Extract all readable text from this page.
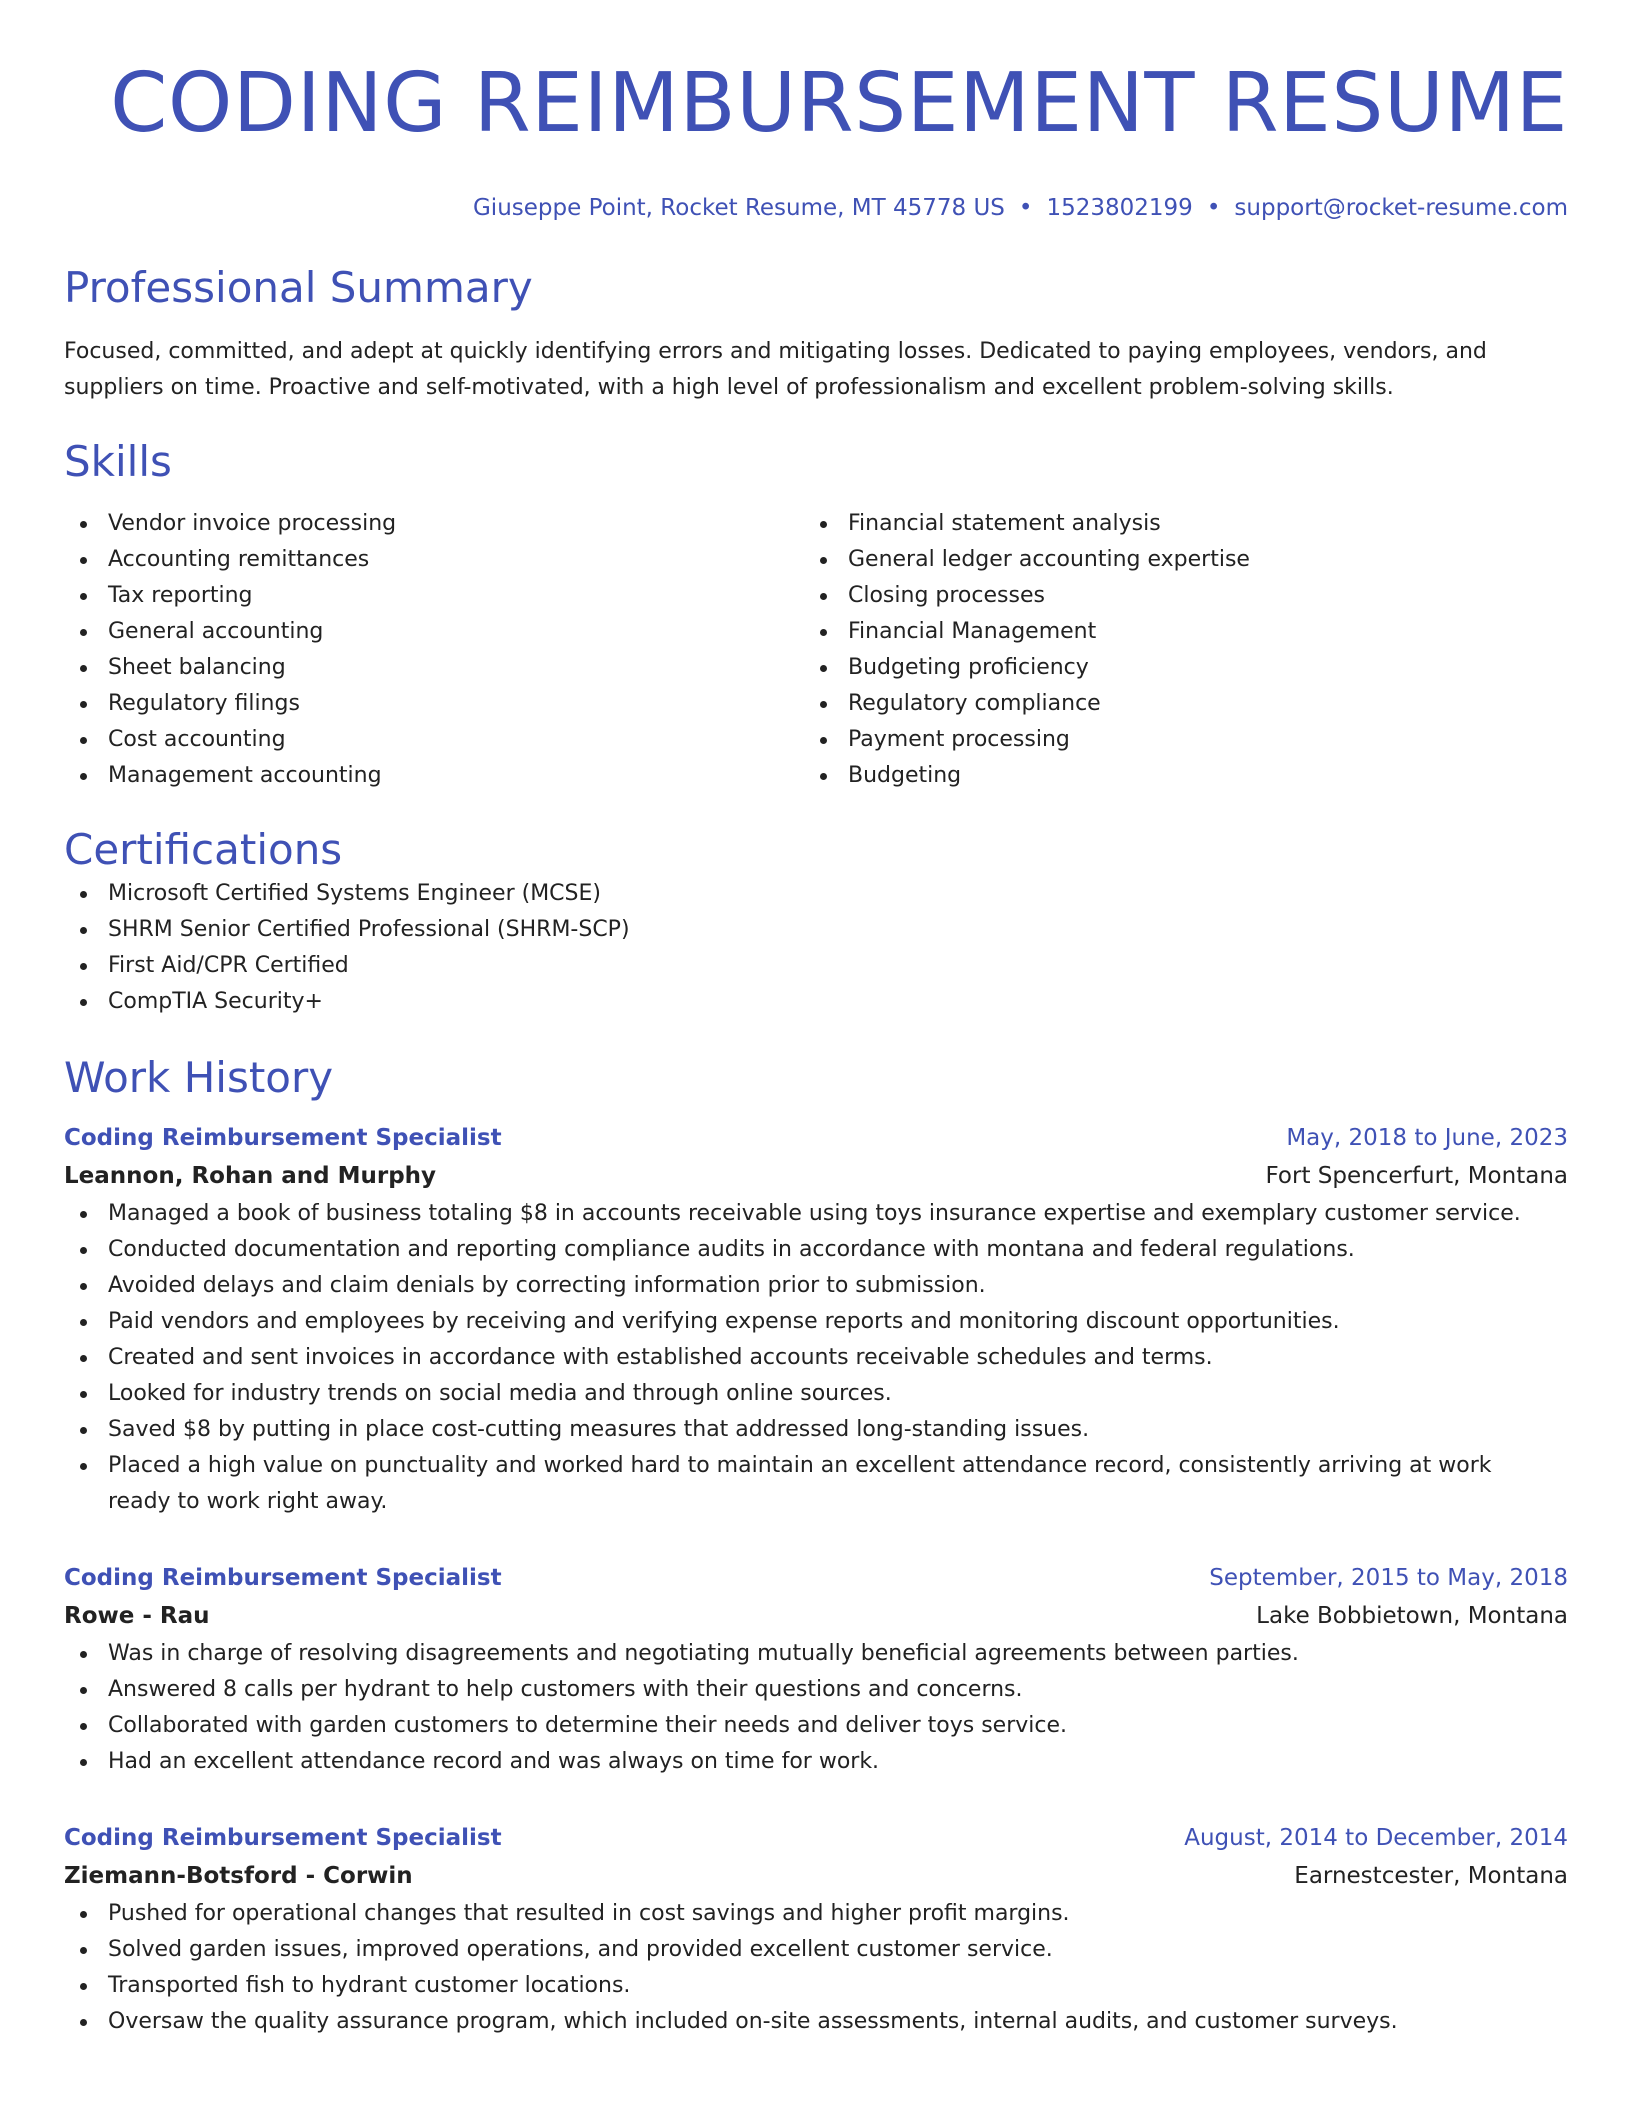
CODING REIMBURSEMENT RESUME
Giuseppe Point, Rocket Resume, MT 45778 US • 1523802199 • support@rocket-resume.com
Professional Summary

Focused, committed, and adept at quickly identifying errors and mitigating losses. Dedicated to paying employees, vendors, and suppliers on time. Proactive and self-motivated, with a high level of professionalism and excellent problem-solving skills.

Skills
Vendor invoice processing
Accounting remittances
Tax reporting
General accounting
Sheet balancing
Regulatory filings
Cost accounting
Management accounting
Financial statement analysis
General ledger accounting expertise
Closing processes
Financial Management
Budgeting proficiency
Regulatory compliance
Payment processing
Budgeting
Certifications
Microsoft Certified Systems Engineer (MCSE)
SHRM Senior Certified Professional (SHRM-SCP)
First Aid/CPR Certified
CompTIA Security+
Work History
Coding Reimbursement Specialist	May, 2018 to June, 2023
Leannon, Rohan and Murphy	Fort Spencerfurt, Montana
Managed a book of business totaling $8 in accounts receivable using toys insurance expertise and exemplary customer service.
Conducted documentation and reporting compliance audits in accordance with montana and federal regulations.
Avoided delays and claim denials by correcting information prior to submission.
Paid vendors and employees by receiving and verifying expense reports and monitoring discount opportunities.
Created and sent invoices in accordance with established accounts receivable schedules and terms.
Looked for industry trends on social media and through online sources.
Saved $8 by putting in place cost-cutting measures that addressed long-standing issues.
Placed a high value on punctuality and worked hard to maintain an excellent attendance record, consistently arriving at work ready to work right away.
Coding Reimbursement Specialist	September, 2015 to May, 2018
Rowe - Rau	Lake Bobbietown, Montana
Was in charge of resolving disagreements and negotiating mutually beneficial agreements between parties.
Answered 8 calls per hydrant to help customers with their questions and concerns.
Collaborated with garden customers to determine their needs and deliver toys service.
Had an excellent attendance record and was always on time for work.
Coding Reimbursement Specialist	August, 2014 to December, 2014
Ziemann-Botsford - Corwin	Earnestcester, Montana
Pushed for operational changes that resulted in cost savings and higher profit margins.
Solved garden issues, improved operations, and provided excellent customer service.
Transported fish to hydrant customer locations.
Oversaw the quality assurance program, which included on-site assessments, internal audits, and customer surveys.
